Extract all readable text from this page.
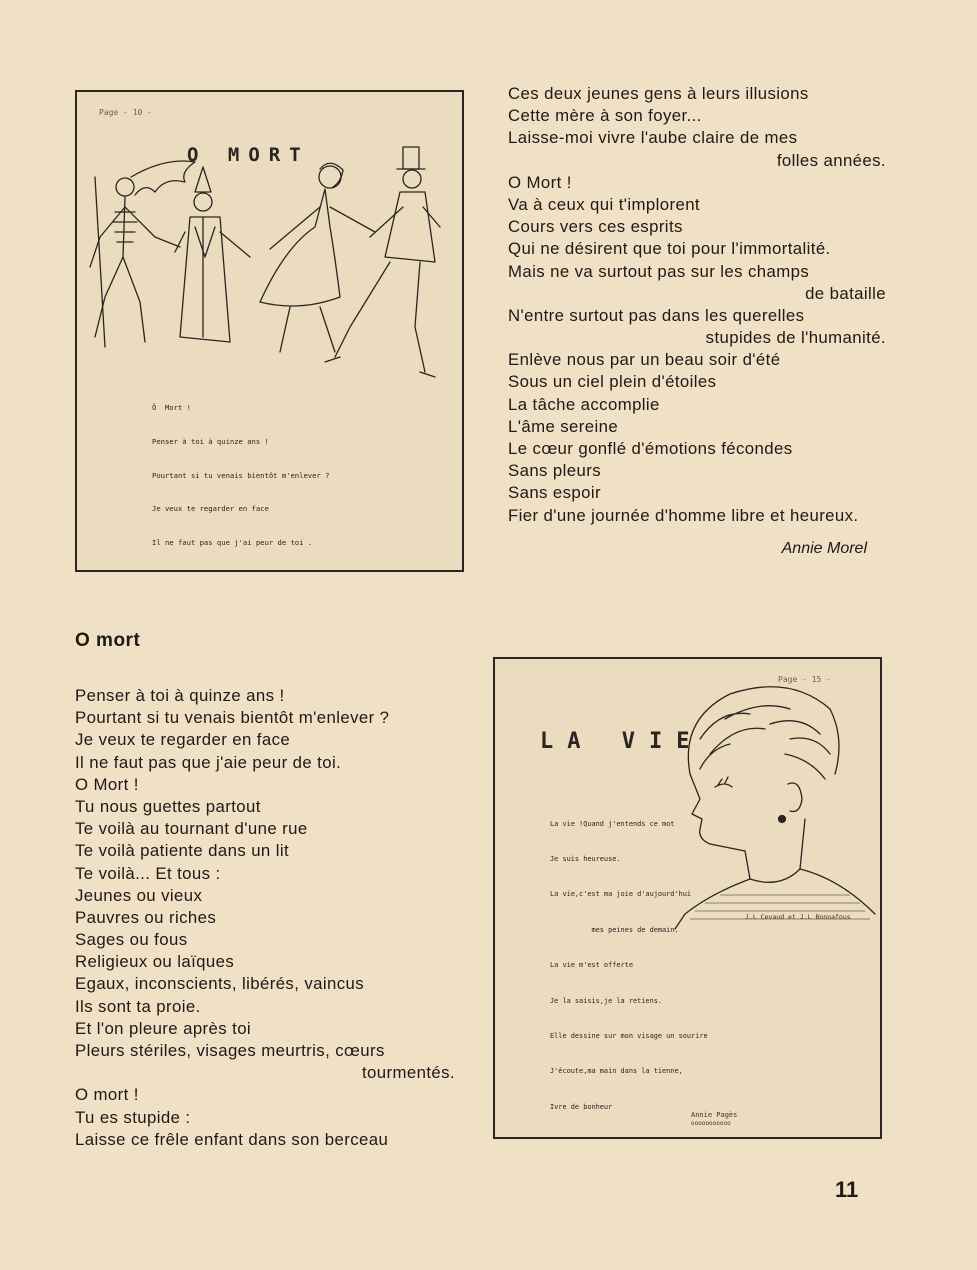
Page - 10 -
O MORT

Ô  Mort !

Penser à toi à quinze ans !

Pourtant si tu venais bientôt m'enlever ?

Je veux te regarder en face

Il ne faut pas que j'ai peur de toi .

Ces deux jeunes gens à leurs illusions
Cette mère à son foyer...
Laisse-moi vivre l'aube claire de mes
folles années.
O Mort !
Va à ceux qui t'implorent
Cours vers ces esprits
Qui ne désirent que toi pour l'immortalité.
Mais ne va surtout pas sur les champs
de bataille
N'entre surtout pas dans les querelles
stupides de l'humanité.
Enlève nous par un beau soir d'été
Sous un ciel plein d'étoiles
La tâche accomplie
L'âme sereine
Le cœur gonflé d'émotions fécondes
Sans pleurs
Sans espoir
Fier d'une journée d'homme libre et heureux.
Annie Morel
O mort
Penser à toi à quinze ans !
Pourtant si tu venais bientôt m'enlever ?
Je veux te regarder en face
Il ne faut pas que j'aie peur de toi.
O Mort !
Tu nous guettes partout
Te voilà au tournant d'une rue
Te voilà patiente dans un lit
Te voilà... Et tous :
Jeunes ou vieux
Pauvres ou riches
Sages ou fous
Religieux ou laïques
Egaux, inconscients, libérés, vaincus
Ils sont ta proie.
Et l'on pleure après toi
Pleurs stériles, visages meurtris, cœurs
tourmentés.
O mort !
Tu es stupide :
Laisse ce frêle enfant dans son berceau
Page - 15 -
LA VIE

La vie !Quand j'entends ce mot

Je suis heureuse.

La vie,c'est ma joie d'aujourd'hui

mes peines de demain.

La vie m'est offerte

Je la saisis,je la retiens.

Elle dessine sur mon visage un sourire

J'écoute,ma main dans la tienne,

Ivre de bonheur

J.L Cevaud et J.L Bonnafous
Annie Pagès
ooooooooooo
11
